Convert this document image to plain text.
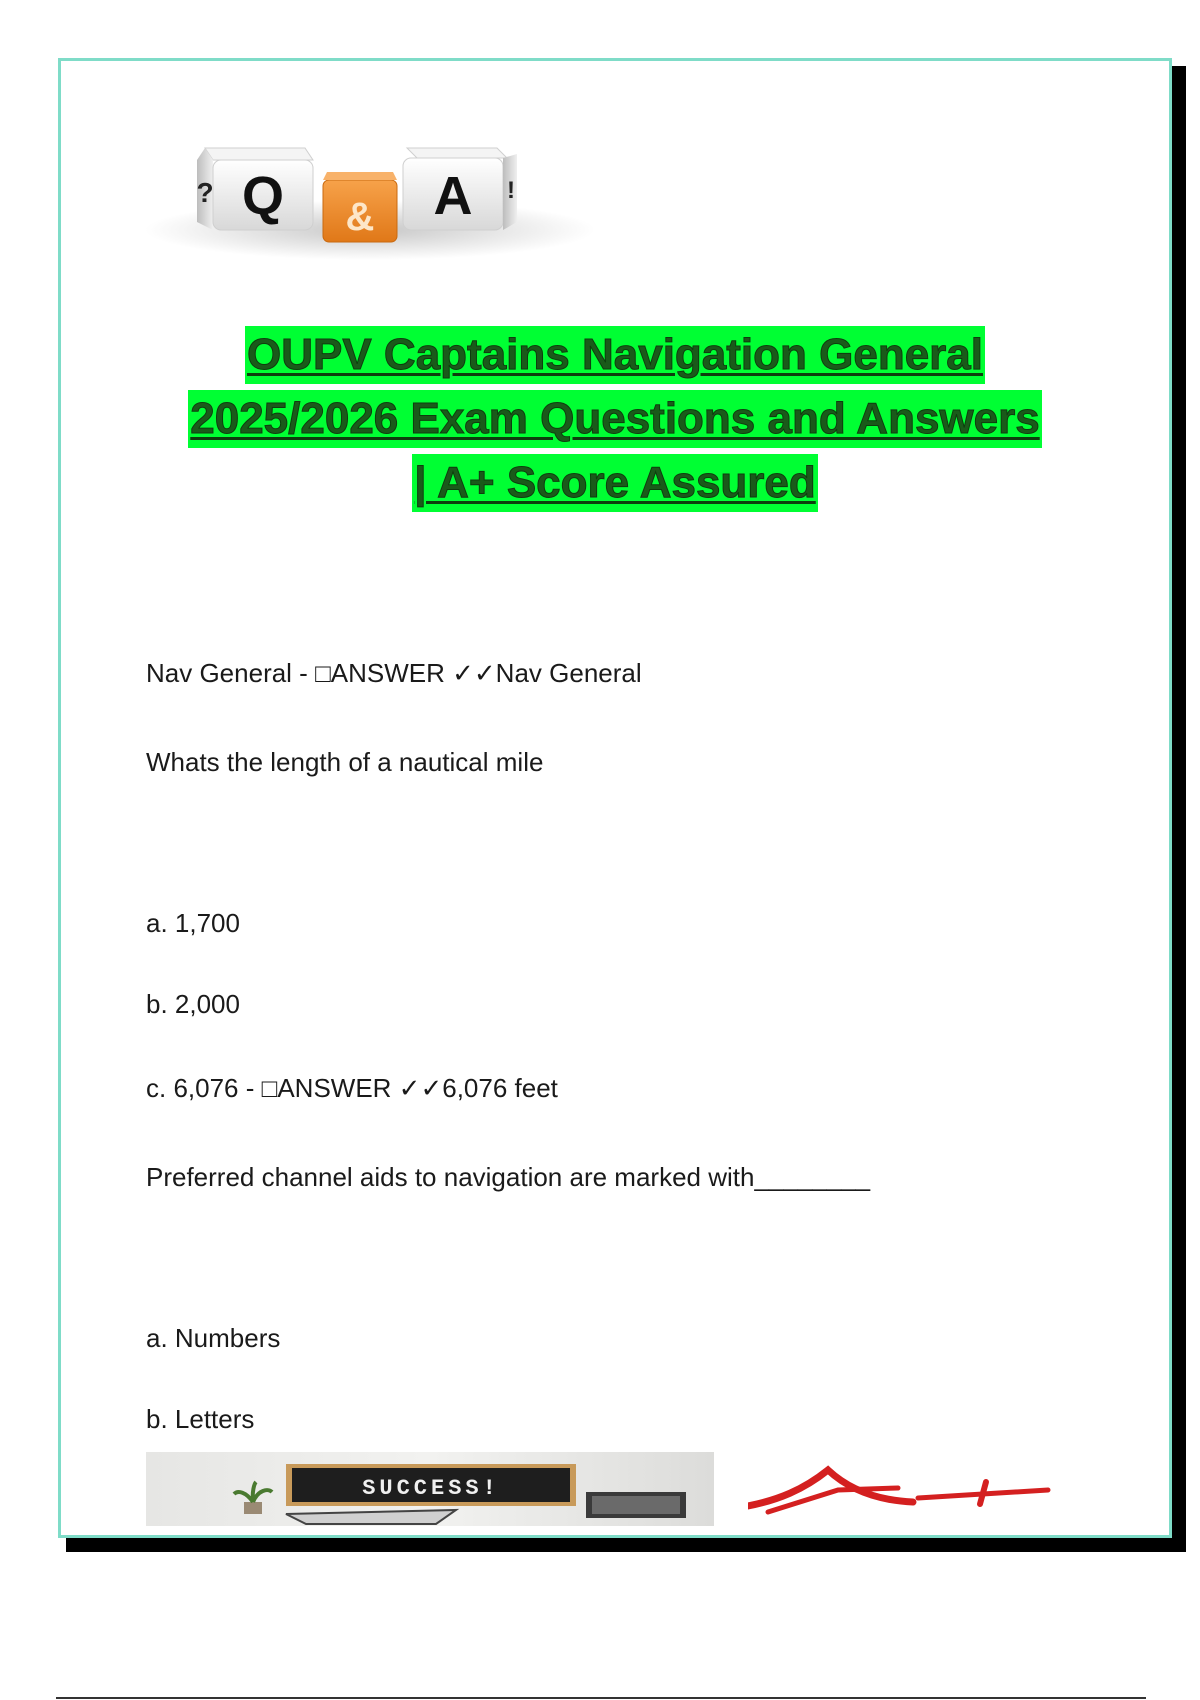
Q
?
& A !
OUPV Captains Navigation General
2025/2026 Exam Questions and Answers
| A+ Score Assured
Nav General - □ANSWER ✓✓Nav General
Whats the length of a nautical mile
a. 1,700
b. 2,000
c. 6,076 - □ANSWER ✓✓6,076 feet
Preferred channel aids to navigation are marked with________
a. Numbers
b. Letters
SUCCESS!
A+
